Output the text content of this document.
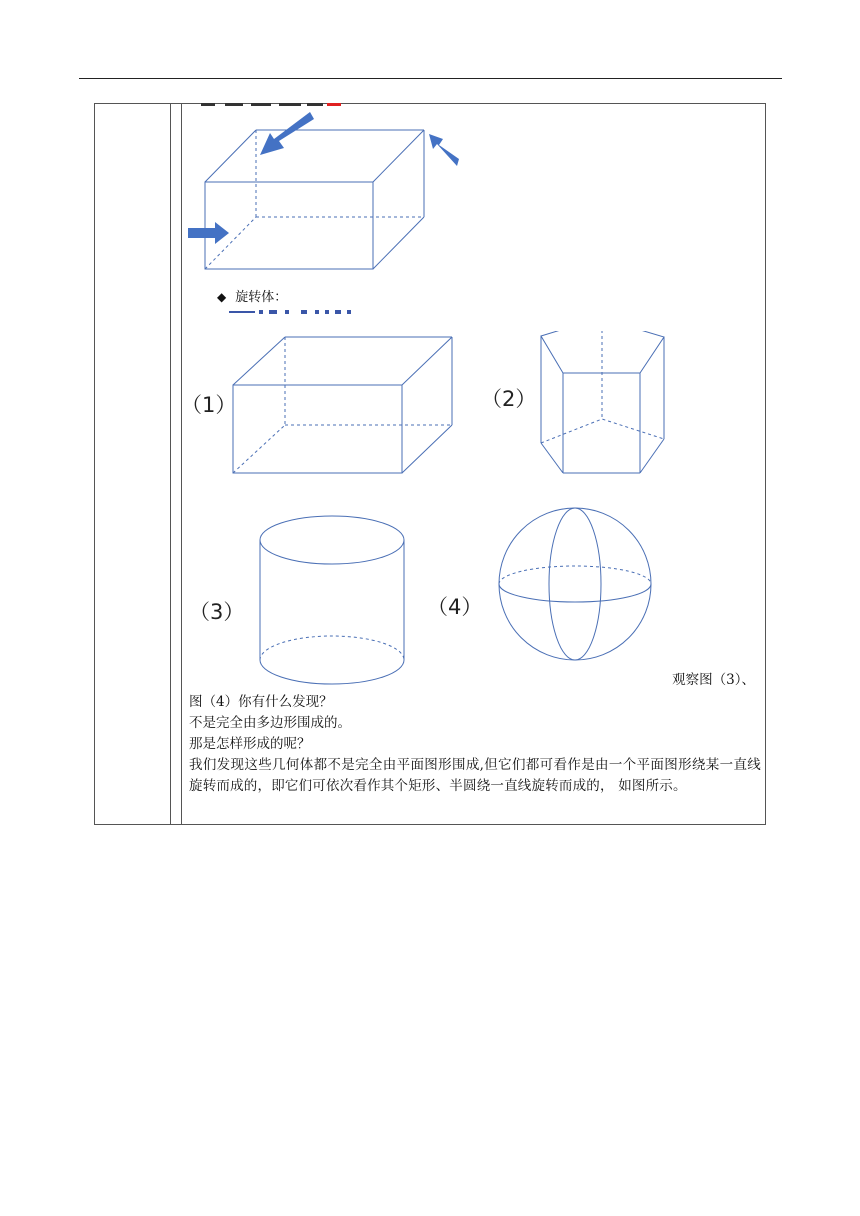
◆ 旋转体：
（1）	（2）
（3）	（4）
观察图（3）、

图（4）你有什么发现？

不是完全由多边形围成的。

那是怎样形成的呢？

我们发现这些几何体都不是完全由平面图形围成,但它们都可看作是由一个平面图形绕某一直线旋转而成的，即它们可依次看作其个矩形、半圆绕一直线旋转而成的， 如图所示。
